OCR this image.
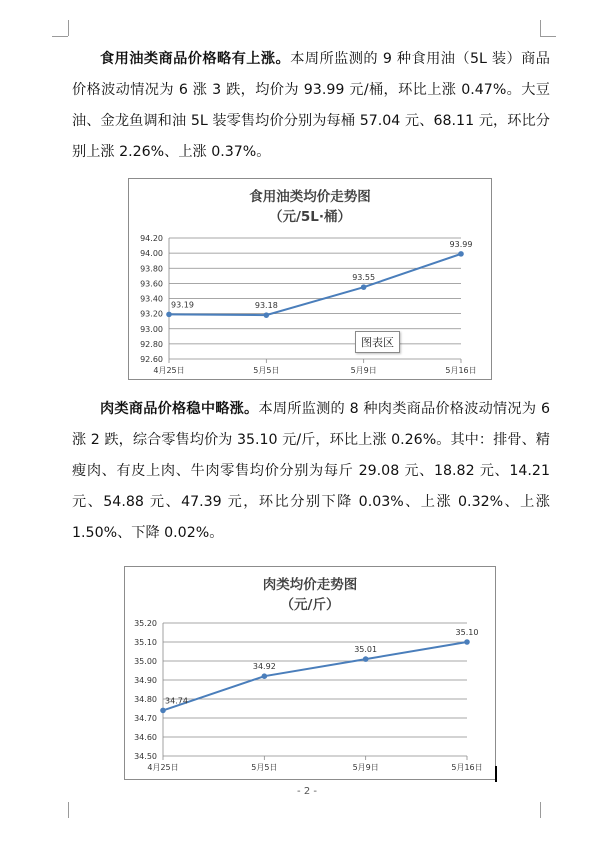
食用油类商品价格略有上涨。本周所监测的 9 种食用油（5L 装）商品价格波动情况为 6 涨 3 跌，均价为 93.99 元/桶，环比上涨 0.47%。大豆油、金龙鱼调和油 5L 装零售均价分别为每桶 57.04 元、68.11 元，环比分别上涨 2.26%、上涨 0.37%。

食用油类均价走势图
（元/5L·桶）
94.20
94.00
93.80
93.60
93.40
93.20
93.00
92.80
92.60
4月25日	5月5日	5月9日	5月16日
93.19	93.18
93.55
93.99
图表区

肉类商品价格稳中略涨。本周所监测的 8 种肉类商品价格波动情况为 6 涨 2 跌，综合零售均价为 35.10 元/斤，环比上涨 0.26%。其中：排骨、精瘦肉、有皮上肉、牛肉零售均价分别为每斤 29.08 元、18.82 元、14.21 元、54.88 元、47.39 元，环比分别下降 0.03%、上涨 0.32%、上涨 1.50%、下降 0.02%。

肉类均价走势图
（元/斤）
35.20
35.10
35.00
34.90
34.80
34.70
34.60
34.50
4月25日	5月5日	5月9日	5月16日
34.74
34.92
35.01
35.10
- 2 -
